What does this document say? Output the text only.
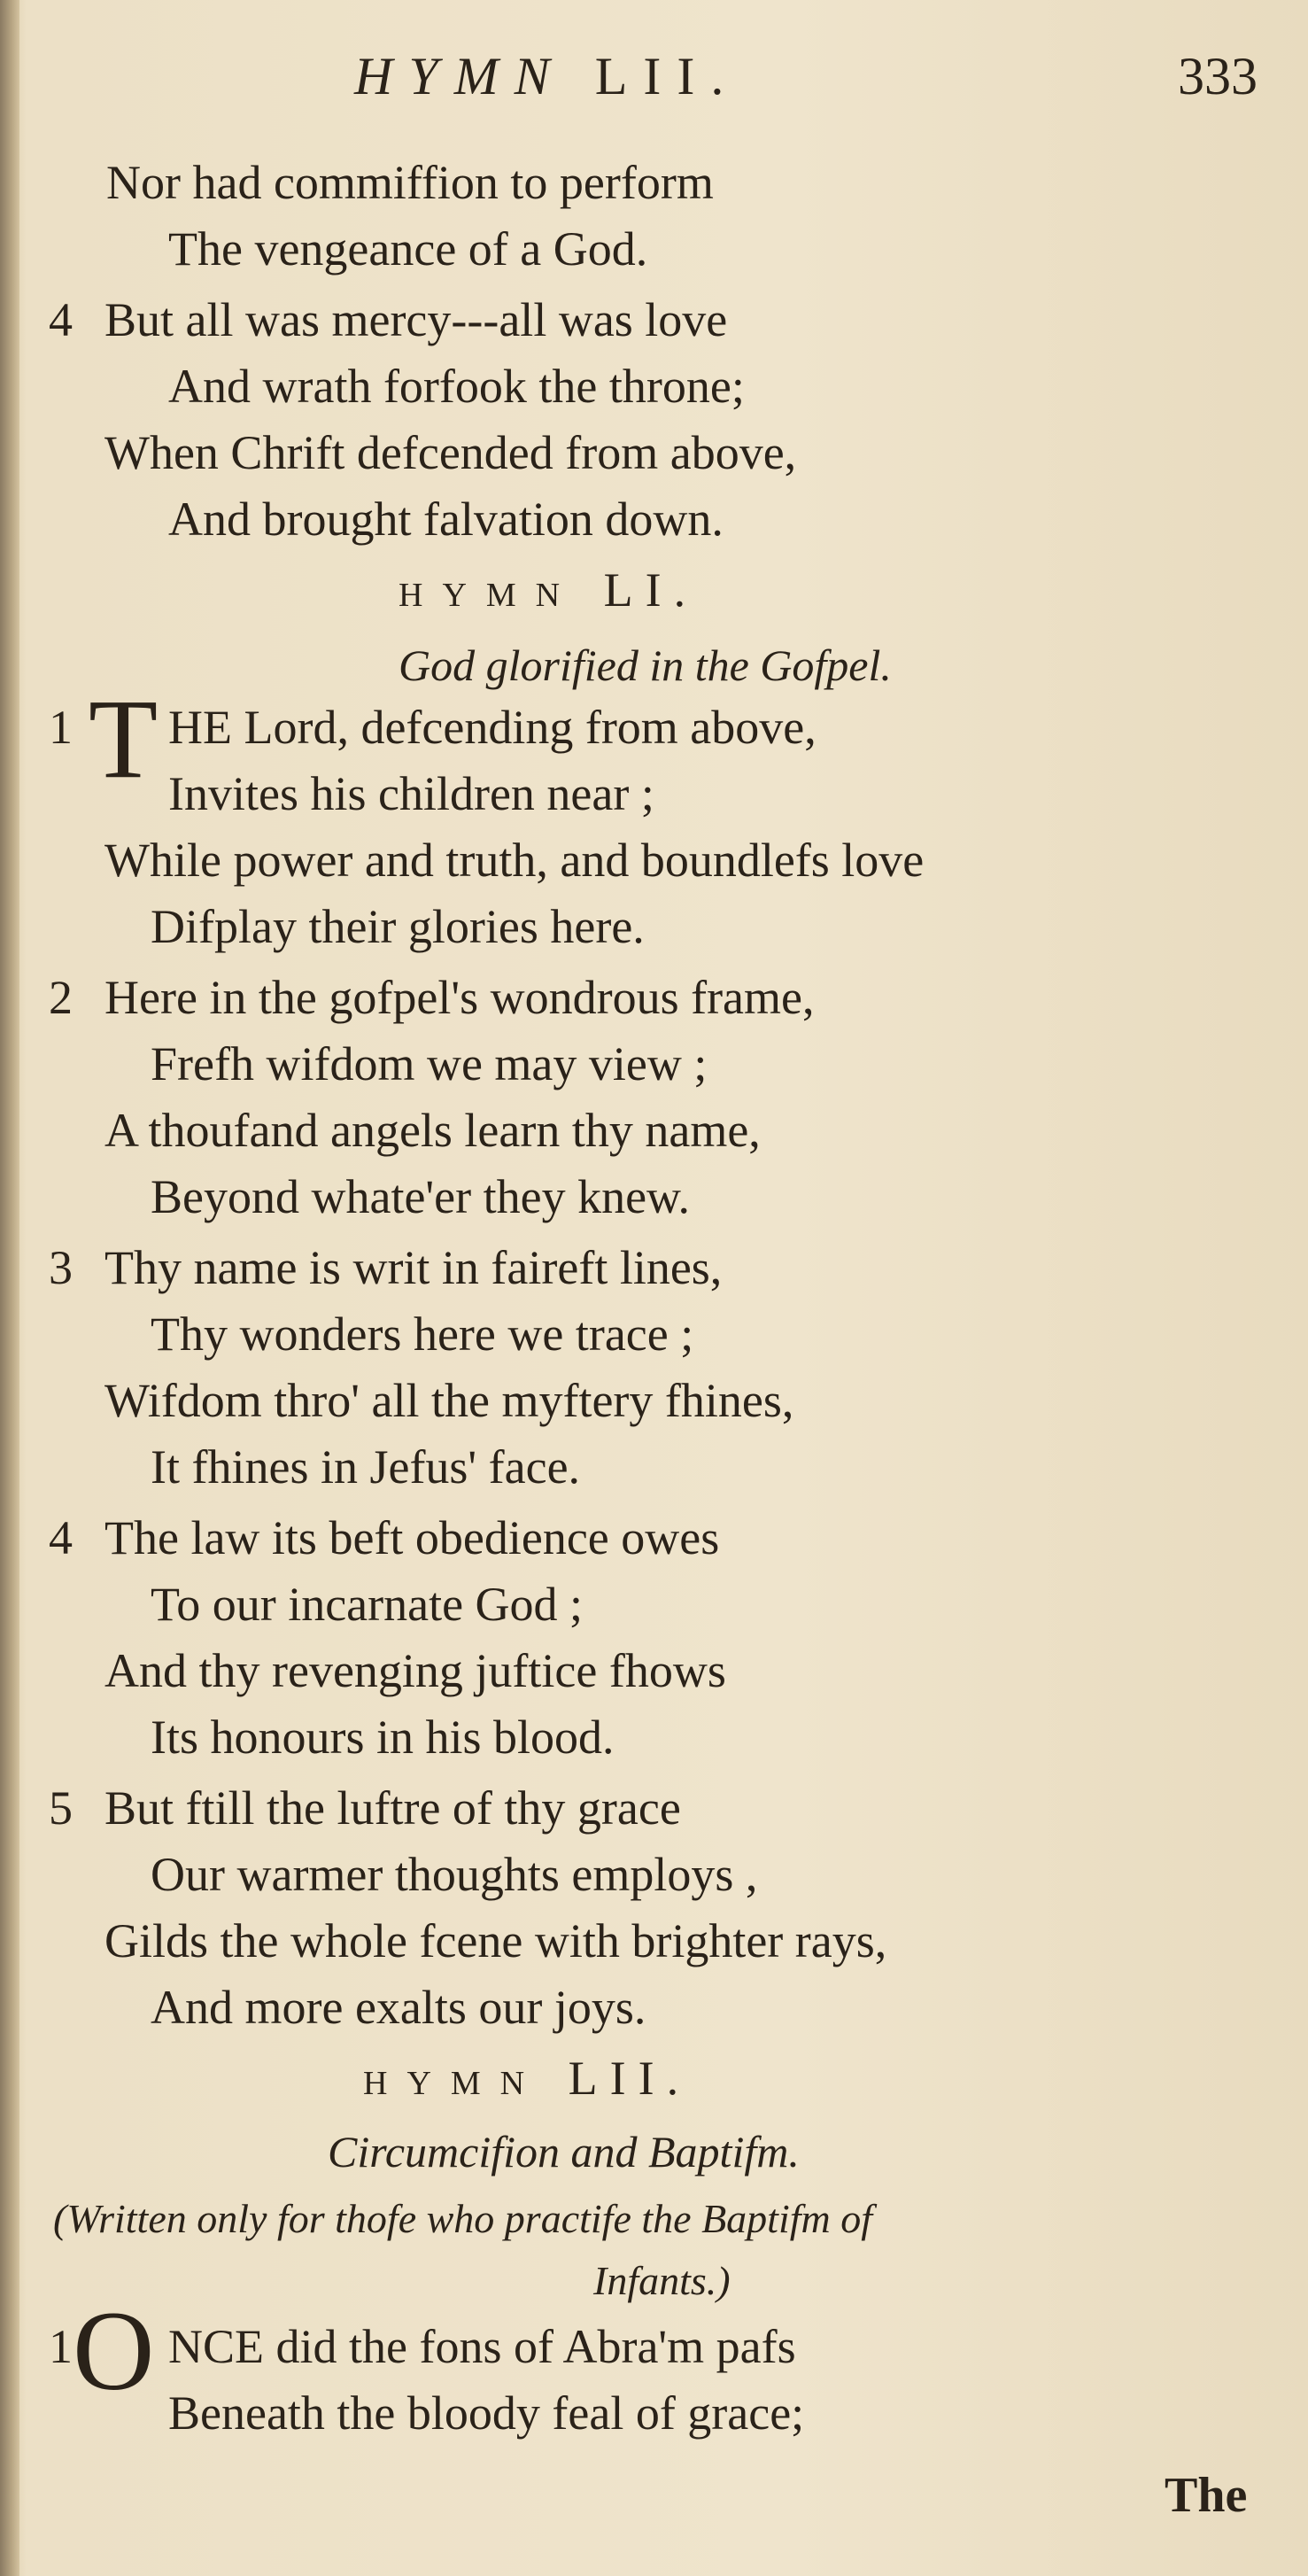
HYMN LII.	333
Nor had commiffion to perform
The vengeance of a God.
4 But all was mercy---all was love
And wrath forfook the throne;
When Chrift defcended from above,
And brought falvation down.
HYMN LI.
God glorified in the Gofpel.
1 T HE Lord, defcending from above,
Invites his children near ;
While power and truth, and boundlefs love
Difplay their glories here.
2 Here in the gofpel's wondrous frame,
Frefh wifdom we may view ;
A thoufand angels learn thy name,
Beyond whate'er they knew.
3 Thy name is writ in faireft lines,
Thy wonders here we trace ;
Wifdom thro' all the myftery fhines,
It fhines in Jefus' face.
4 The law its beft obedience owes
To our incarnate God ;
And thy revenging juftice fhows
Its honours in his blood.
5 But ftill the luftre of thy grace
Our warmer thoughts employs ,
Gilds the whole fcene with brighter rays,
And more exalts our joys.
HYMN LII.
Circumcifion and Baptifm.
(Written only for thofe who practife the Baptifm of
Infants.)
1 O NCE did the fons of Abra'm pafs
Beneath the bloody feal of grace;
The
